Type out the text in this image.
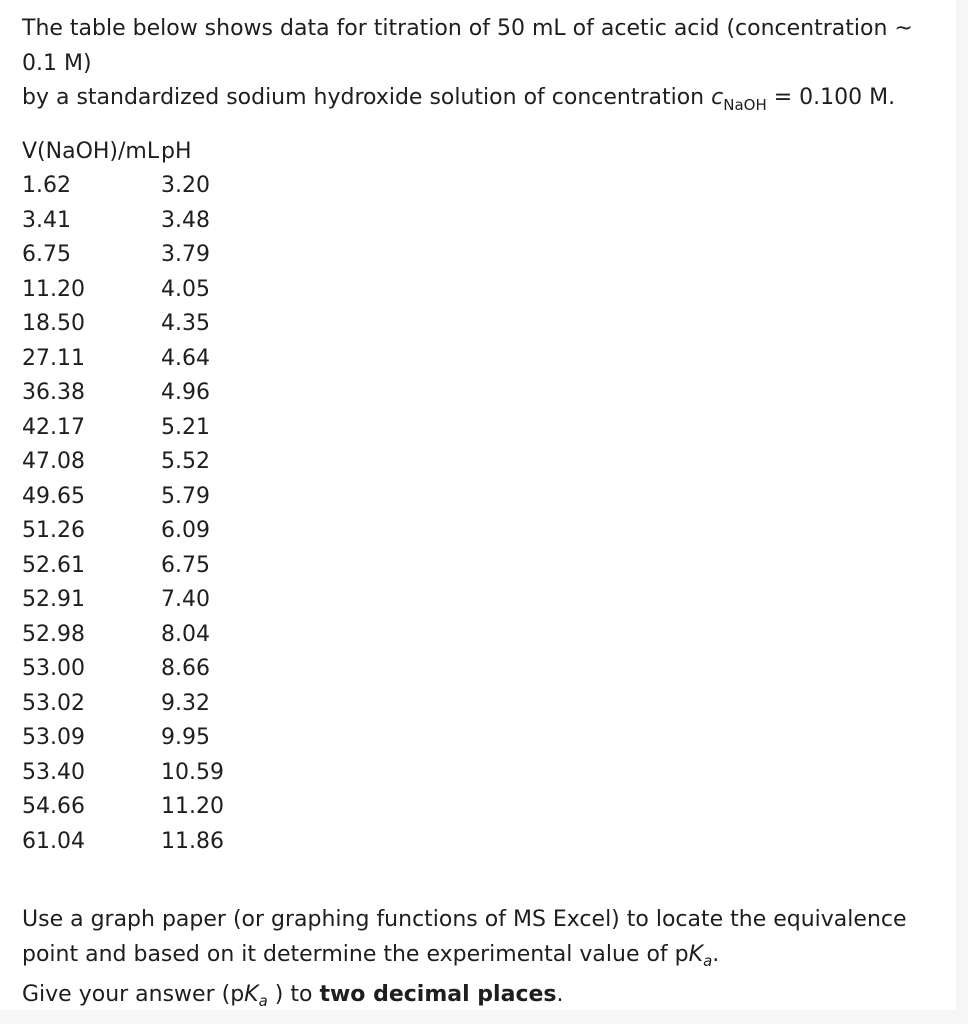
The table below shows data for titration of 50 mL of acetic acid (concentration ~

0.1 M)

by a standardized sodium hydroxide solution of concentration $c_{NaOH} = 0.100$ M.

V(NaOH)/mL	pH
1.62	3.20
3.41	3.48
6.75	3.79
11.20	4.05
18.50	4.35
27.11	4.64
36.38	4.96
42.17	5.21
47.08	5.52
49.65	5.79
51.26	6.09
52.61	6.75
52.91	7.40
52.98	8.04
53.00	8.66
53.02	9.32
53.09	9.95
53.40	10.59
54.66	11.20
61.04	11.86

Use a graph paper (or graphing functions of MS Excel) to locate the equivalence

point and based on it determine the experimental value of $pK_a$.

Give your answer ($pK_a$ ) to two decimal places.
